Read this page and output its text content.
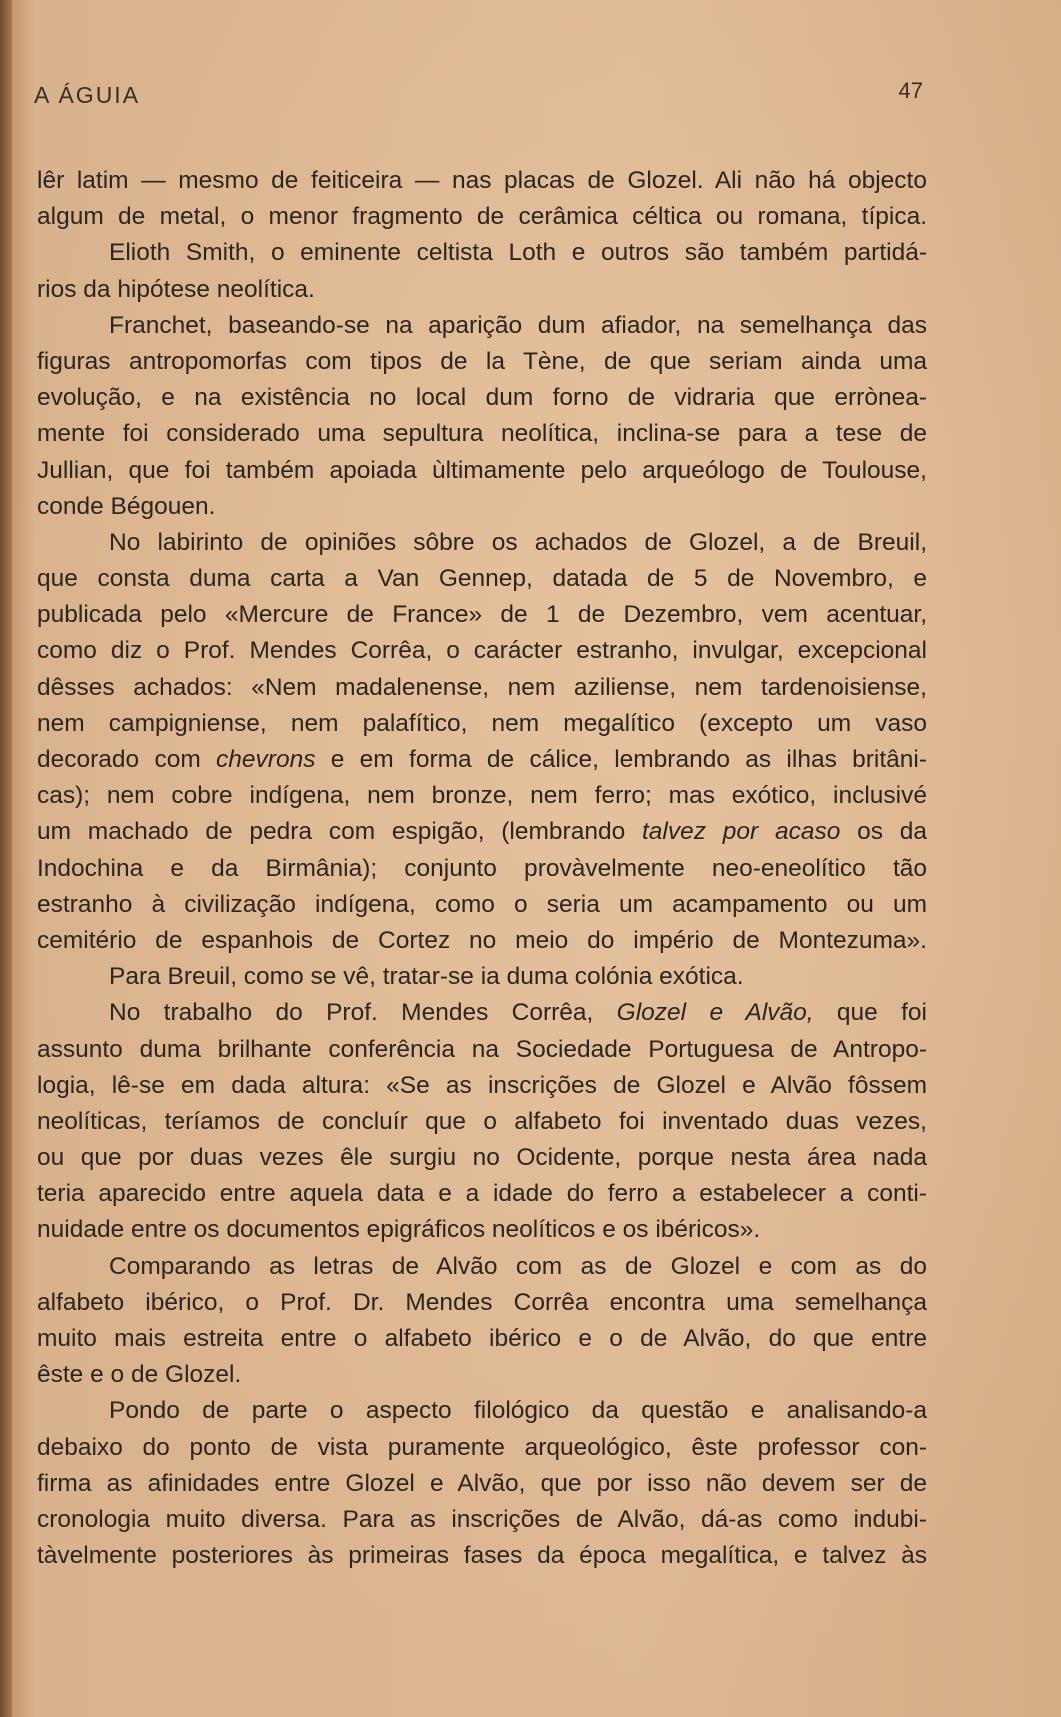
A ÁGUIA	47
lêr latim — mesmo de feiticeira — nas placas de Glozel. Ali não há objecto
algum de metal, o menor fragmento de cerâmica céltica ou romana, típica.
Elioth Smith, o eminente celtista Loth e outros são também partidá-
rios da hipótese neolítica.
Franchet, baseando-se na aparição dum afiador, na semelhança das
figuras antropomorfas com tipos de la Tène, de que seriam ainda uma
evolução, e na existência no local dum forno de vidraria que errònea-
mente foi considerado uma sepultura neolítica, inclina-se para a tese de
Jullian, que foi também apoiada ùltimamente pelo arqueólogo de Toulouse,
conde Bégouen.
No labirinto de opiniões sôbre os achados de Glozel, a de Breuil,
que consta duma carta a Van Gennep, datada de 5 de Novembro, e
publicada pelo «Mercure de France» de 1 de Dezembro, vem acentuar,
como diz o Prof. Mendes Corrêa, o carácter estranho, invulgar, excepcional
dêsses achados: «Nem madalenense, nem aziliense, nem tardenoisiense,
nem campigniense, nem palafítico, nem megalítico (excepto um vaso
decorado com chevrons e em forma de cálice, lembrando as ilhas britâni-
cas); nem cobre indígena, nem bronze, nem ferro; mas exótico, inclusivé
um machado de pedra com espigão, (lembrando talvez por acaso os da
Indochina e da Birmânia); conjunto provàvelmente neo-eneolítico tão
estranho à civilização indígena, como o seria um acampamento ou um
cemitério de espanhois de Cortez no meio do império de Montezuma».
Para Breuil, como se vê, tratar-se ia duma colónia exótica.
No trabalho do Prof. Mendes Corrêa, Glozel e Alvão, que foi
assunto duma brilhante conferência na Sociedade Portuguesa de Antropo-
logia, lê-se em dada altura: «Se as inscrições de Glozel e Alvão fôssem
neolíticas, teríamos de concluír que o alfabeto foi inventado duas vezes,
ou que por duas vezes êle surgiu no Ocidente, porque nesta área nada
teria aparecido entre aquela data e a idade do ferro a estabelecer a conti-
nuidade entre os documentos epigráficos neolíticos e os ibéricos».
Comparando as letras de Alvão com as de Glozel e com as do
alfabeto ibérico, o Prof. Dr. Mendes Corrêa encontra uma semelhança
muito mais estreita entre o alfabeto ibérico e o de Alvão, do que entre
êste e o de Glozel.
Pondo de parte o aspecto filológico da questão e analisando-a
debaixo do ponto de vista puramente arqueológico, êste professor con-
firma as afinidades entre Glozel e Alvão, que por isso não devem ser de
cronologia muito diversa. Para as inscrições de Alvão, dá-as como indubi-
tàvelmente posteriores às primeiras fases da época megalítica, e talvez às
